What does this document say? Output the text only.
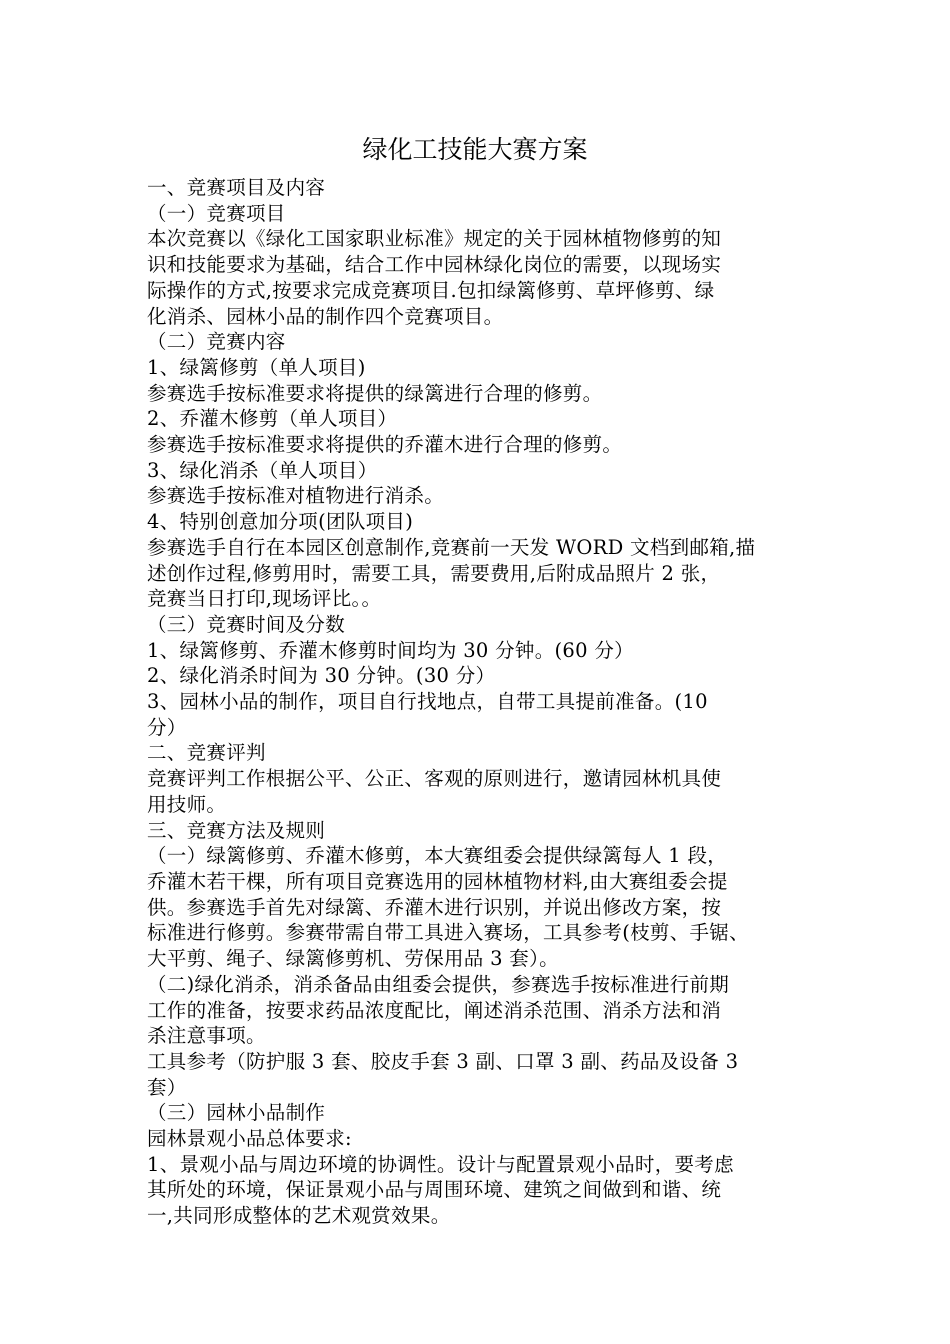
绿化工技能大赛方案
一、竞赛项目及内容
（一）竞赛项目
本次竞赛以《绿化工国家职业标准》规定的关于园林植物修剪的知
识和技能要求为基础，结合工作中园林绿化岗位的需要，以现场实
际操作的方式,按要求完成竞赛项目.包扣绿篱修剪、草坪修剪、绿
化消杀、园林小品的制作四个竞赛项目。
（二）竞赛内容
1、绿篱修剪（单人项目)
参赛选手按标准要求将提供的绿篱进行合理的修剪。
2、乔灌木修剪（单人项目）
参赛选手按标准要求将提供的乔灌木进行合理的修剪。
3、绿化消杀（单人项目）
参赛选手按标准对植物进行消杀。
4、特别创意加分项(团队项目)
参赛选手自行在本园区创意制作,竞赛前一天发 WORD 文档到邮箱,描
述创作过程,修剪用时，需要工具，需要费用,后附成品照片 2 张，
竞赛当日打印,现场评比。。
（三）竞赛时间及分数
1、绿篱修剪、乔灌木修剪时间均为 30 分钟。(60 分）
2、绿化消杀时间为 30 分钟。(30 分）
3、园林小品的制作，项目自行找地点，自带工具提前准备。(10
分）
二、竞赛评判
竞赛评判工作根据公平、公正、客观的原则进行，邀请园林机具使
用技师。
三、竞赛方法及规则
（一）绿篱修剪、乔灌木修剪，本大赛组委会提供绿篱每人 1 段，
乔灌木若干棵，所有项目竞赛选用的园林植物材料,由大赛组委会提
供。参赛选手首先对绿篱、乔灌木进行识别，并说出修改方案，按
标准进行修剪。参赛带需自带工具进入赛场，工具参考(枝剪、手锯、
大平剪、绳子、绿篱修剪机、劳保用品 3 套）。
（二)绿化消杀，消杀备品由组委会提供，参赛选手按标准进行前期
工作的准备，按要求药品浓度配比，阐述消杀范围、消杀方法和消
杀注意事项。
工具参考（防护服 3 套、胶皮手套 3 副、口罩 3 副、药品及设备 3
套）
（三）园林小品制作
园林景观小品总体要求:
1、景观小品与周边环境的协调性。设计与配置景观小品时，要考虑
其所处的环境，保证景观小品与周围环境、建筑之间做到和谐、统
一,共同形成整体的艺术观赏效果。
